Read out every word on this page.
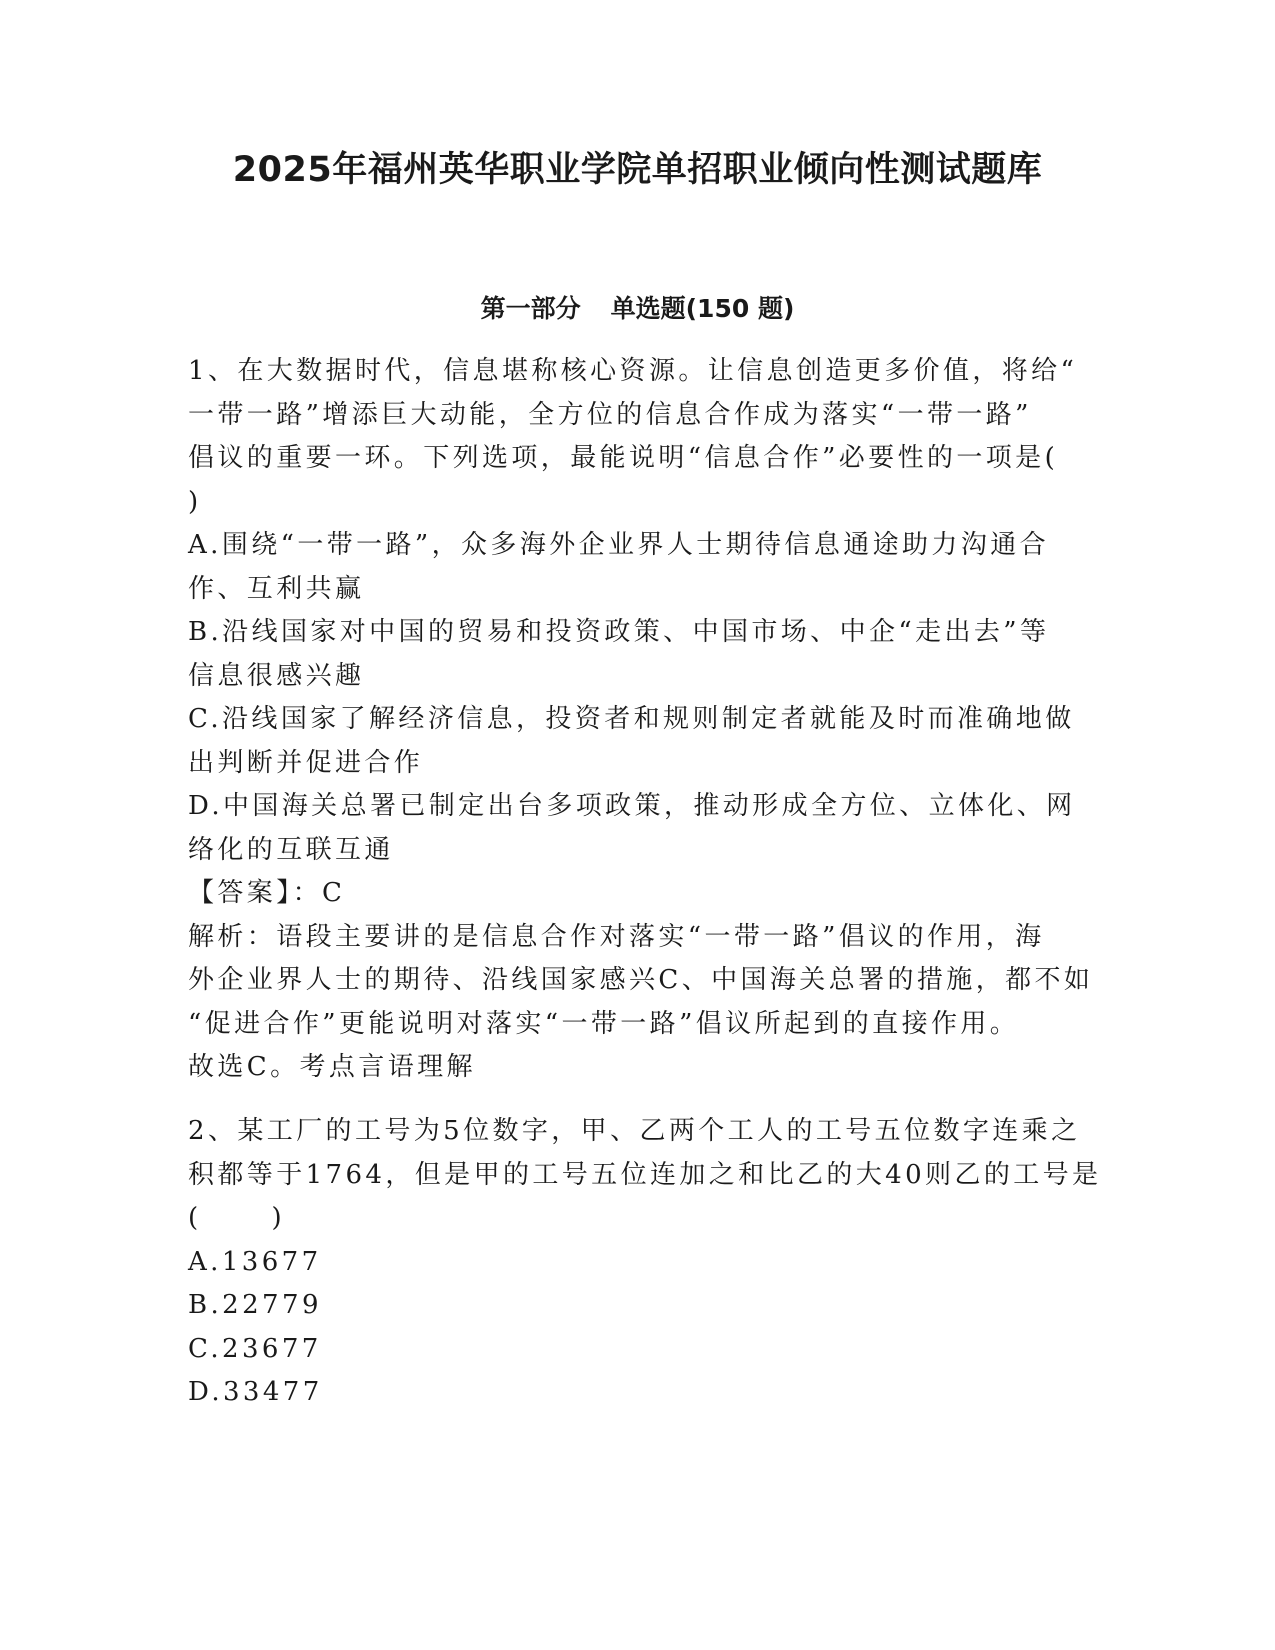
2025年福州英华职业学院单招职业倾向性测试题库
第一部分 单选题(150 题)
1、在大数据时代，信息堪称核心资源。让信息创造更多价值，将给“
一带一路”增添巨大动能，全方位的信息合作成为落实“一带一路”
倡议的重要一环。下列选项，最能说明“信息合作”必要性的一项是(
)
A.围绕“一带一路”，众多海外企业界人士期待信息通途助力沟通合
作、互利共赢
B.沿线国家对中国的贸易和投资政策、中国市场、中企“走出去”等
信息很感兴趣
C.沿线国家了解经济信息，投资者和规则制定者就能及时而准确地做
出判断并促进合作
D.中国海关总署已制定出台多项政策，推动形成全方位、立体化、网
络化的互联互通
【答案】：C
解析：语段主要讲的是信息合作对落实“一带一路”倡议的作用，海
外企业界人士的期待、沿线国家感兴C、中国海关总署的措施，都不如
“促进合作”更能说明对落实“一带一路”倡议所起到的直接作用。
故选C。考点言语理解
2、某工厂的工号为5位数字，甲、乙两个工人的工号五位数字连乘之
积都等于1764，但是甲的工号五位连加之和比乙的大40则乙的工号是
(      )
A.13677
B.22779
C.23677
D.33477
